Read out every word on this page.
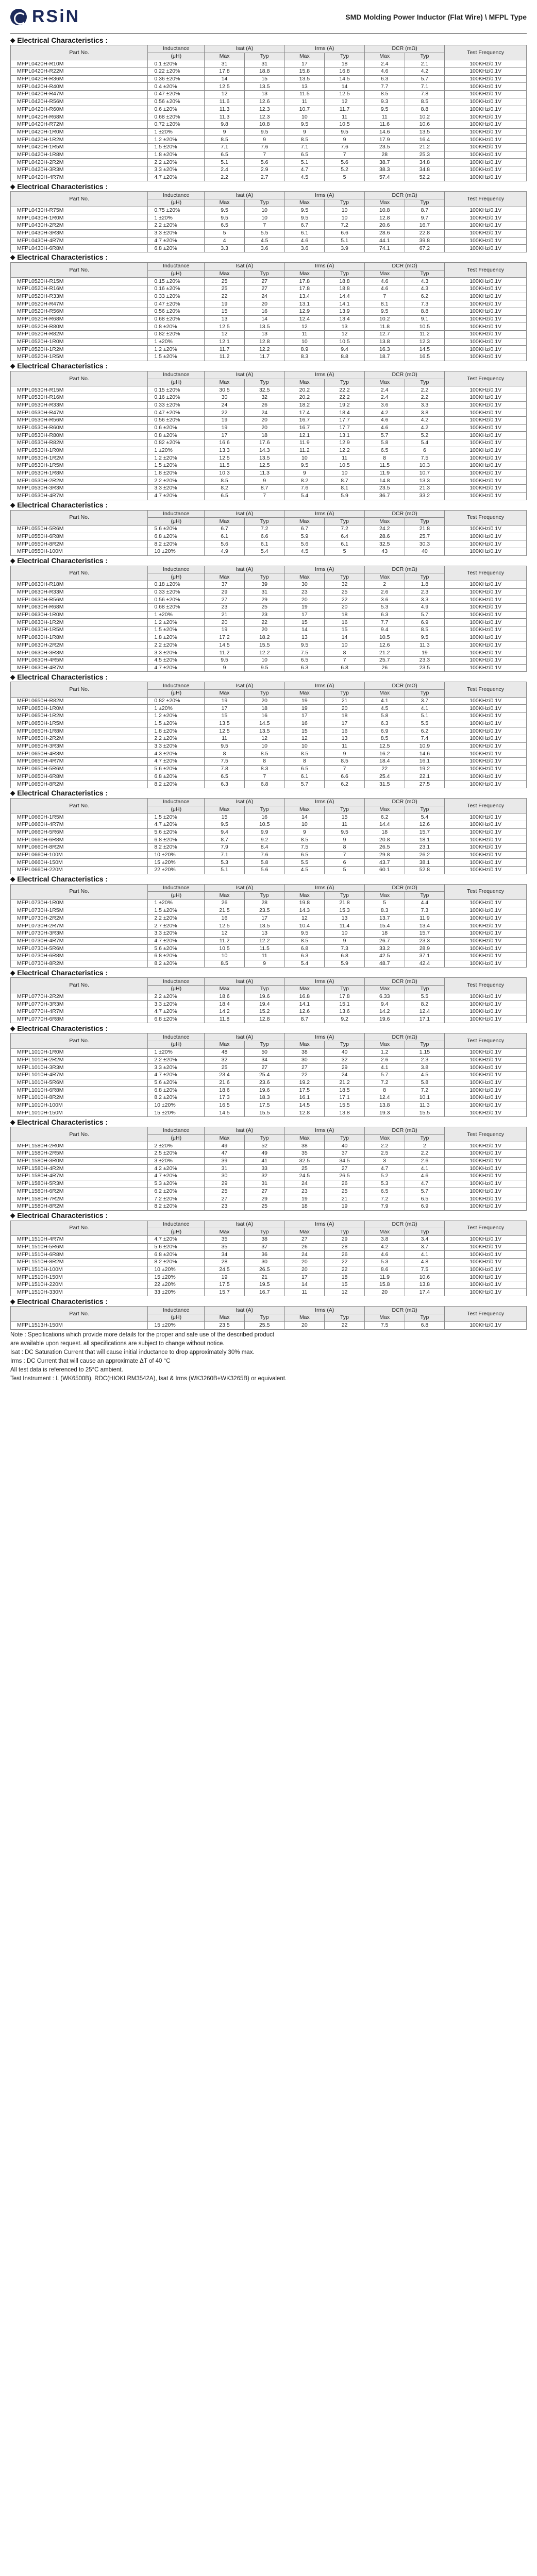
RSiN	SMD Molding Power Inductor (Flat Wire) \ MFPL Type
◆ Electrical Characteristics :
Part No.	Inductance	Isat (A)		Irms (A)		DCR (mΩ)		Test Frequency
	(μH)	Max	Typ	Max	Typ	Max	Typ	
MFPL0420H-R10M	0.1 ±20%	31	31	17	18	2.4	2.1	100KHz/0.1V
MFPL0420H-R22M	0.22 ±20%	17.8	18.8	15.8	16.8	4.6	4.2	100KHz/0.1V
MFPL0420H-R36M	0.36 ±20%	14	15	13.5	14.5	6.3	5.7	100KHz/0.1V
MFPL0420H-R40M	0.4 ±20%	12.5	13.5	13	14	7.7	7.1	100KHz/0.1V
MFPL0420H-R47M	0.47 ±20%	12	13	11.5	12.5	8.5	7.8	100KHz/0.1V
MFPL0420H-R56M	0.56 ±20%	11.6	12.6	11	12	9.3	8.5	100KHz/0.1V
MFPL0420H-R60M	0.6 ±20%	11.3	12.3	10.7	11.7	9.5	8.8	100KHz/0.1V
MFPL0420H-R68M	0.68 ±20%	11.3	12.3	10	11	11	10.2	100KHz/0.1V
MFPL0420H-R72M	0.72 ±20%	9.8	10.8	9.5	10.5	11.6	10.6	100KHz/0.1V
MFPL0420H-1R0M	1 ±20%	9	9.5	9	9.5	14.6	13.5	100KHz/0.1V
MFPL0420H-1R2M	1.2 ±20%	8.5	9	8.5	9	17.9	16.4	100KHz/0.1V
MFPL0420H-1R5M	1.5 ±20%	7.1	7.6	7.1	7.6	23.5	21.2	100KHz/0.1V
MFPL0420H-1R8M	1.8 ±20%	6.5	7	6.5	7	28	25.3	100KHz/0.1V
MFPL0420H-2R2M	2.2 ±20%	5.1	5.6	5.1	5.6	38.7	34.8	100KHz/0.1V
MFPL0420H-3R3M	3.3 ±20%	2.4	2.9	4.7	5.2	38.3	34.8	100KHz/0.1V
MFPL0420H-4R7M	4.7 ±20%	2.2	2.7	4.5	5	57.4	52.2	100KHz/0.1V
◆ Electrical Characteristics :
Part No.	Inductance	Isat (A)		Irms (A)		DCR (mΩ)		Test Frequency
	(μH)	Max	Typ	Max	Typ	Max	Typ	
MFPL0430H-R75M	0.75 ±20%	9.5	10	9.5	10	10.8	8.7	100KHz/0.1V
MFPL0430H-1R0M	1 ±20%	9.5	10	9.5	10	12.8	9.7	100KHz/0.1V
MFPL0430H-2R2M	2.2 ±20%	6.5	7	6.7	7.2	20.6	16.7	100KHz/0.1V
MFPL0430H-3R3M	3.3 ±20%	5	5.5	6.1	6.6	28.6	22.8	100KHz/0.1V
MFPL0430H-4R7M	4.7 ±20%	4	4.5	4.6	5.1	44.1	39.8	100KHz/0.1V
MFPL0430H-6R8M	6.8 ±20%	3.3	3.6	3.6	3.9	74.1	67.2	100KHz/0.1V
◆ Electrical Characteristics :
Part No.	Inductance	Isat (A)		Irms (A)		DCR (mΩ)		Test Frequency
	(μH)	Max	Typ	Max	Typ	Max	Typ	
MFPL0520H-R15M	0.15 ±20%	25	27	17.8	18.8	4.6	4.3	100KHz/0.1V
MFPL0520H-R16M	0.16 ±20%	25	27	17.8	18.8	4.6	4.3	100KHz/0.1V
MFPL0520H-R33M	0.33 ±20%	22	24	13.4	14.4	7	6.2	100KHz/0.1V
MFPL0520H-R47M	0.47 ±20%	19	20	13.1	14.1	8.1	7.3	100KHz/0.1V
MFPL0520H-R56M	0.56 ±20%	15	16	12.9	13.9	9.5	8.8	100KHz/0.1V
MFPL0520H-R68M	0.68 ±20%	13	14	12.4	13.4	10.2	9.1	100KHz/0.1V
MFPL0520H-R80M	0.8 ±20%	12.5	13.5	12	13	11.8	10.5	100KHz/0.1V
MFPL0520H-R82M	0.82 ±20%	12	13	11	12	12.7	11.2	100KHz/0.1V
MFPL0520H-1R0M	1 ±20%	12.1	12.8	10	10.5	13.8	12.3	100KHz/0.1V
MFPL0520H-1R2M	1.2 ±20%	11.7	12.2	8.9	9.4	16.3	14.5	100KHz/0.1V
MFPL0520H-1R5M	1.5 ±20%	11.2	11.7	8.3	8.8	18.7	16.5	100KHz/0.1V
◆ Electrical Characteristics :
Part No.	Inductance	Isat (A)		Irms (A)		DCR (mΩ)		Test Frequency
	(μH)	Max	Typ	Max	Typ	Max	Typ	
MFPL0530H-R15M	0.15 ±20%	30.5	32.5	20.2	22.2	2.4	2.2	100KHz/0.1V
MFPL0530H-R16M	0.16 ±20%	30	32	20.2	22.2	2.4	2.2	100KHz/0.1V
MFPL0530H-R33M	0.33 ±20%	24	26	18.2	19.2	3.6	3.3	100KHz/0.1V
MFPL0530H-R47M	0.47 ±20%	22	24	17.4	18.4	4.2	3.8	100KHz/0.1V
MFPL0530H-R56M	0.56 ±20%	19	20	16.7	17.7	4.6	4.2	100KHz/0.1V
MFPL0530H-R60M	0.6 ±20%	19	20	16.7	17.7	4.6	4.2	100KHz/0.1V
MFPL0530H-R80M	0.8 ±20%	17	18	12.1	13.1	5.7	5.2	100KHz/0.1V
MFPL0530H-R82M	0.82 ±20%	16.6	17.6	11.9	12.9	5.8	5.4	100KHz/0.1V
MFPL0530H-1R0M	1 ±20%	13.3	14.3	11.2	12.2	6.5	6	100KHz/0.1V
MFPL0530H-1R2M	1.2 ±20%	12.5	13.5	10	11	8	7.5	100KHz/0.1V
MFPL0530H-1R5M	1.5 ±20%	11.5	12.5	9.5	10.5	11.5	10.3	100KHz/0.1V
MFPL0530H-1R8M	1.8 ±20%	10.3	11.3	9	10	11.9	10.7	100KHz/0.1V
MFPL0530H-2R2M	2.2 ±20%	8.5	9	8.2	8.7	14.8	13.3	100KHz/0.1V
MFPL0530H-3R3M	3.3 ±20%	8.2	8.7	7.6	8.1	23.5	21.3	100KHz/0.1V
MFPL0530H-4R7M	4.7 ±20%	6.5	7	5.4	5.9	36.7	33.2	100KHz/0.1V
◆ Electrical Characteristics :
Part No.	Inductance	Isat (A)		Irms (A)		DCR (mΩ)		Test Frequency
	(μH)	Max	Typ	Max	Typ	Max	Typ	
MFPL0550H-5R6M	5.6 ±20%	6.7	7.2	6.7	7.2	24.2	21.8	100KHz/0.1V
MFPL0550H-6R8M	6.8 ±20%	6.1	6.6	5.9	6.4	28.6	25.7	100KHz/0.1V
MFPL0550H-8R2M	8.2 ±20%	5.6	6.1	5.6	6.1	32.5	30.3	100KHz/0.1V
MFPL0550H-100M	10 ±20%	4.9	5.4	4.5	5	43	40	100KHz/0.1V
◆ Electrical Characteristics :
Part No.	Inductance	Isat (A)		Irms (A)		DCR (mΩ)		Test Frequency
	(μH)	Max	Typ	Max	Typ	Max	Typ	
MFPL0630H-R18M	0.18 ±20%	37	39	30	32	2	1.8	100KHz/0.1V
MFPL0630H-R33M	0.33 ±20%	29	31	23	25	2.6	2.3	100KHz/0.1V
MFPL0630H-R56M	0.56 ±20%	27	29	20	22	3.6	3.3	100KHz/0.1V
MFPL0630H-R68M	0.68 ±20%	23	25	19	20	5.3	4.9	100KHz/0.1V
MFPL0630H-1R0M	1 ±20%	21	23	17	18	6.3	5.7	100KHz/0.1V
MFPL0630H-1R2M	1.2 ±20%	20	22	15	16	7.7	6.9	100KHz/0.1V
MFPL0630H-1R5M	1.5 ±20%	19	20	14	15	9.4	8.5	100KHz/0.1V
MFPL0630H-1R8M	1.8 ±20%	17.2	18.2	13	14	10.5	9.5	100KHz/0.1V
MFPL0630H-2R2M	2.2 ±20%	14.5	15.5	9.5	10	12.6	11.3	100KHz/0.1V
MFPL0630H-3R3M	3.3 ±20%	11.2	12.2	7.5	8	21.2	19	100KHz/0.1V
MFPL0630H-4R5M	4.5 ±20%	9.5	10	6.5	7	25.7	23.3	100KHz/0.1V
MFPL0630H-4R7M	4.7 ±20%	9	9.5	6.3	6.8	26	23.5	100KHz/0.1V
◆ Electrical Characteristics :
Part No.	Inductance	Isat (A)		Irms (A)		DCR (mΩ)		Test Frequency
	(μH)	Max	Typ	Max	Typ	Max	Typ	
MFPL0650H-R82M	0.82 ±20%	19	20	19	21	4.1	3.7	100KHz/0.1V
MFPL0650H-1R0M	1 ±20%	17	18	19	20	4.5	4.1	100KHz/0.1V
MFPL0650H-1R2M	1.2 ±20%	15	16	17	18	5.8	5.1	100KHz/0.1V
MFPL0650H-1R5M	1.5 ±20%	13.5	14.5	16	17	6.3	5.5	100KHz/0.1V
MFPL0650H-1R8M	1.8 ±20%	12.5	13.5	15	16	6.9	6.2	100KHz/0.1V
MFPL0650H-2R2M	2.2 ±20%	11	12	12	13	8.5	7.4	100KHz/0.1V
MFPL0650H-3R3M	3.3 ±20%	9.5	10	10	11	12.5	10.9	100KHz/0.1V
MFPL0650H-4R3M	4.3 ±20%	8	8.5	8.5	9	16.2	14.6	100KHz/0.1V
MFPL0650H-4R7M	4.7 ±20%	7.5	8	8	8.5	18.4	16.1	100KHz/0.1V
MFPL0650H-5R6M	5.6 ±20%	7.8	8.3	6.5	7	22	19.2	100KHz/0.1V
MFPL0650H-6R8M	6.8 ±20%	6.5	7	6.1	6.6	25.4	22.1	100KHz/0.1V
MFPL0650H-8R2M	8.2 ±20%	6.3	6.8	5.7	6.2	31.5	27.5	100KHz/0.1V
◆ Electrical Characteristics :
Part No.	Inductance	Isat (A)		Irms (A)		DCR (mΩ)		Test Frequency
	(μH)	Max	Typ	Max	Typ	Max	Typ	
MFPL0660H-1R5M	1.5 ±20%	15	16	14	15	6.2	5.4	100KHz/0.1V
MFPL0660H-4R7M	4.7 ±20%	9.5	10.5	10	11	14.4	12.6	100KHz/0.1V
MFPL0660H-5R6M	5.6 ±20%	9.4	9.9	9	9.5	18	15.7	100KHz/0.1V
MFPL0660H-6R8M	6.8 ±20%	8.7	9.2	8.5	9	20.8	18.1	100KHz/0.1V
MFPL0660H-8R2M	8.2 ±20%	7.9	8.4	7.5	8	26.5	23.1	100KHz/0.1V
MFPL0660H-100M	10 ±20%	7.1	7.6	6.5	7	29.8	26.2	100KHz/0.1V
MFPL0660H-150M	15 ±20%	5.3	5.8	5.5	6	43.7	38.1	100KHz/0.1V
MFPL0660H-220M	22 ±20%	5.1	5.6	4.5	5	60.1	52.8	100KHz/0.1V
◆ Electrical Characteristics :
Part No.	Inductance	Isat (A)		Irms (A)		DCR (mΩ)		Test Frequency
	(μH)	Max	Typ	Max	Typ	Max	Typ	
MFPL0730H-1R0M	1 ±20%	26	28	19.8	21.8	5	4.4	100KHz/0.1V
MFPL0730H-1R5M	1.5 ±20%	21.5	23.5	14.3	15.3	8.3	7.3	100KHz/0.1V
MFPL0730H-2R2M	2.2 ±20%	16	17	12	13	13.7	11.9	100KHz/0.1V
MFPL0730H-2R7M	2.7 ±20%	12.5	13.5	10.4	11.4	15.4	13.4	100KHz/0.1V
MFPL0730H-3R3M	3.3 ±20%	12	13	9.5	10	18	15.7	100KHz/0.1V
MFPL0730H-4R7M	4.7 ±20%	11.2	12.2	8.5	9	26.7	23.3	100KHz/0.1V
MFPL0730H-5R6M	5.6 ±20%	10.5	11.5	6.8	7.3	33.2	28.9	100KHz/0.1V
MFPL0730H-6R8M	6.8 ±20%	10	11	6.3	6.8	42.5	37.1	100KHz/0.1V
MFPL0730H-8R2M	8.2 ±20%	8.5	9	5.4	5.9	48.7	42.4	100KHz/0.1V
◆ Electrical Characteristics :
Part No.	Inductance	Isat (A)		Irms (A)		DCR (mΩ)		Test Frequency
	(μH)	Max	Typ	Max	Typ	Max	Typ	
MFPL0770H-2R2M	2.2 ±20%	18.6	19.6	16.8	17.8	6.33	5.5	100KHz/0.1V
MFPL0770H-3R3M	3.3 ±20%	18.4	19.4	14.1	15.1	9.4	8.2	100KHz/0.1V
MFPL0770H-4R7M	4.7 ±20%	14.2	15.2	12.6	13.6	14.2	12.4	100KHz/0.1V
MFPL0770H-6R8M	6.8 ±20%	11.8	12.8	8.7	9.2	19.6	17.1	100KHz/0.1V
◆ Electrical Characteristics :
Part No.	Inductance	Isat (A)		Irms (A)		DCR (mΩ)		Test Frequency
	(μH)	Max	Typ	Max	Typ	Max	Typ	
MFPL1010H-1R0M	1 ±20%	48	50	38	40	1.2	1.15	100KHz/0.1V
MFPL1010H-2R2M	2.2 ±20%	32	34	30	32	2.6	2.3	100KHz/0.1V
MFPL1010H-3R3M	3.3 ±20%	25	27	27	29	4.1	3.8	100KHz/0.1V
MFPL1010H-4R7M	4.7 ±20%	23.4	25.4	22	24	5.7	4.5	100KHz/0.1V
MFPL1010H-5R6M	5.6 ±20%	21.6	23.6	19.2	21.2	7.2	5.8	100KHz/0.1V
MFPL1010H-6R8M	6.8 ±20%	18.6	19.6	17.5	18.5	8	7.2	100KHz/0.1V
MFPL1010H-8R2M	8.2 ±20%	17.3	18.3	16.1	17.1	12.4	10.1	100KHz/0.1V
MFPL1010H-100M	10 ±20%	16.5	17.5	14.5	15.5	13.8	11.3	100KHz/0.1V
MFPL1010H-150M	15 ±20%	14.5	15.5	12.8	13.8	19.3	15.5	100KHz/0.1V
◆ Electrical Characteristics :
Part No.	Inductance	Isat (A)		Irms (A)		DCR (mΩ)		Test Frequency
	(μH)	Max	Typ	Max	Typ	Max	Typ	
MFPL1580H-2R0M	2 ±20%	49	52	38	40	2.2	2	100KHz/0.1V
MFPL1580H-2R5M	2.5 ±20%	47	49	35	37	2.5	2.2	100KHz/0.1V
MFPL1580H-3R0M	3 ±20%	39	41	32.5	34.5	3	2.6	100KHz/0.1V
MFPL1580H-4R2M	4.2 ±20%	31	33	25	27	4.7	4.1	100KHz/0.1V
MFPL1580H-4R7M	4.7 ±20%	30	32	24.5	26.5	5.2	4.6	100KHz/0.1V
MFPL1580H-5R3M	5.3 ±20%	29	31	24	26	5.3	4.7	100KHz/0.1V
MFPL1580H-6R2M	6.2 ±20%	25	27	23	25	6.5	5.7	100KHz/0.1V
MFPL1580H-7R2M	7.2 ±20%	27	29	19	21	7.2	6.5	100KHz/0.1V
MFPL1580H-8R2M	8.2 ±20%	23	25	18	19	7.9	6.9	100KHz/0.1V
◆ Electrical Characteristics :
Part No.	Inductance	Isat (A)		Irms (A)		DCR (mΩ)		Test Frequency
	(μH)	Max	Typ	Max	Typ	Max	Typ	
MFPL1510H-4R7M	4.7 ±20%	35	38	27	29	3.8	3.4	100KHz/0.1V
MFPL1510H-5R6M	5.6 ±20%	35	37	26	28	4.2	3.7	100KHz/0.1V
MFPL1510H-6R8M	6.8 ±20%	34	36	24	26	4.6	4.1	100KHz/0.1V
MFPL1510H-8R2M	8.2 ±20%	28	30	20	22	5.3	4.8	100KHz/0.1V
MFPL1510H-100M	10 ±20%	24.5	26.5	20	22	8.6	7.5	100KHz/0.1V
MFPL1510H-150M	15 ±20%	19	21	17	18	11.9	10.6	100KHz/0.1V
MFPL1510H-220M	22 ±20%	17.5	19.5	14	15	15.8	13.8	100KHz/0.1V
MFPL1510H-330M	33 ±20%	15.7	16.7	11	12	20	17.4	100KHz/0.1V
◆ Electrical Characteristics :
Part No.	Inductance	Isat (A)		Irms (A)		DCR (mΩ)		Test Frequency
	(μH)	Max	Typ	Max	Typ	Max	Typ	
MFPL1513H-150M	15 ±20%	23.5	25.5	20	22	7.5	6.8	100KHz/0.1V
Note : Specifications which provide more details for the proper and safe use of the described product
are available upon request. all specifications are subject to change without notice.
Isat : DC Saturation Current that will cause initial inductance to drop approximately 30% max.
Irms : DC Current that will cause an approximate ΔT of 40 °C
All test data is referenced to 25°C ambient.
Test Instrument : L (WK6500B), RDC(HIOKI RM3542A), Isat & Irms (WK3260B+WK3265B) or equivalent.
